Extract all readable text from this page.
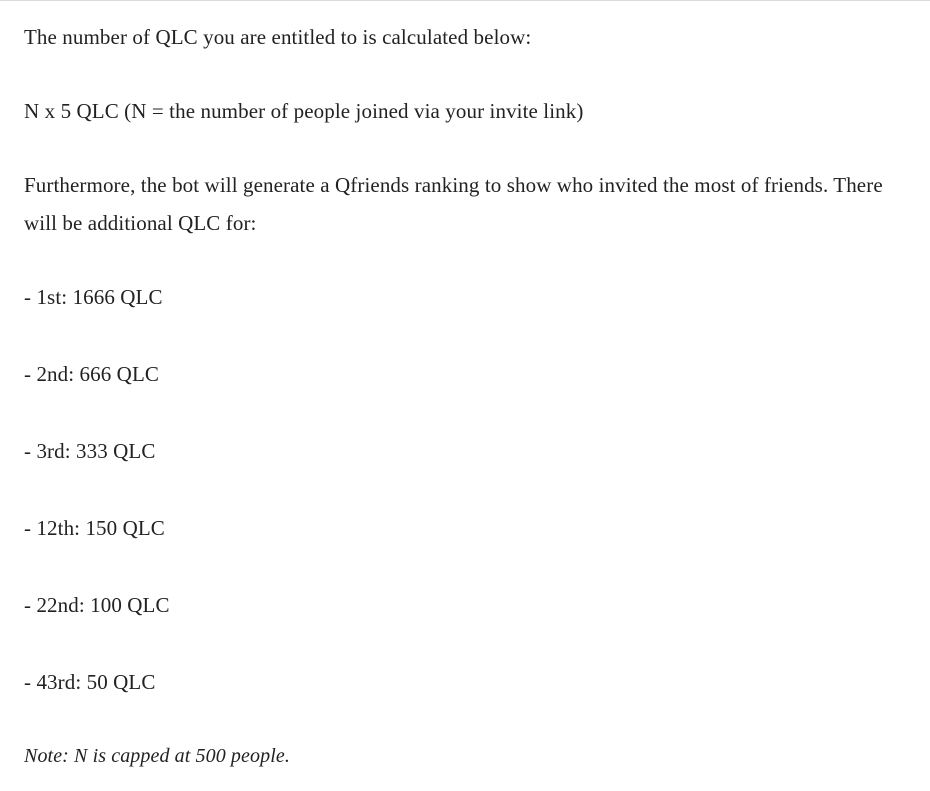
The number of QLC you are entitled to is calculated below:

N x 5 QLC (N = the number of people joined via your invite link)

Furthermore, the bot will generate a Qfriends ranking to show who invited the most of friends. There will be additional QLC for:

- 1st: 1666 QLC

- 2nd: 666 QLC

- 3rd: 333 QLC

- 12th: 150 QLC

- 22nd: 100 QLC

- 43rd: 50 QLC

Note: N is capped at 500 people.
